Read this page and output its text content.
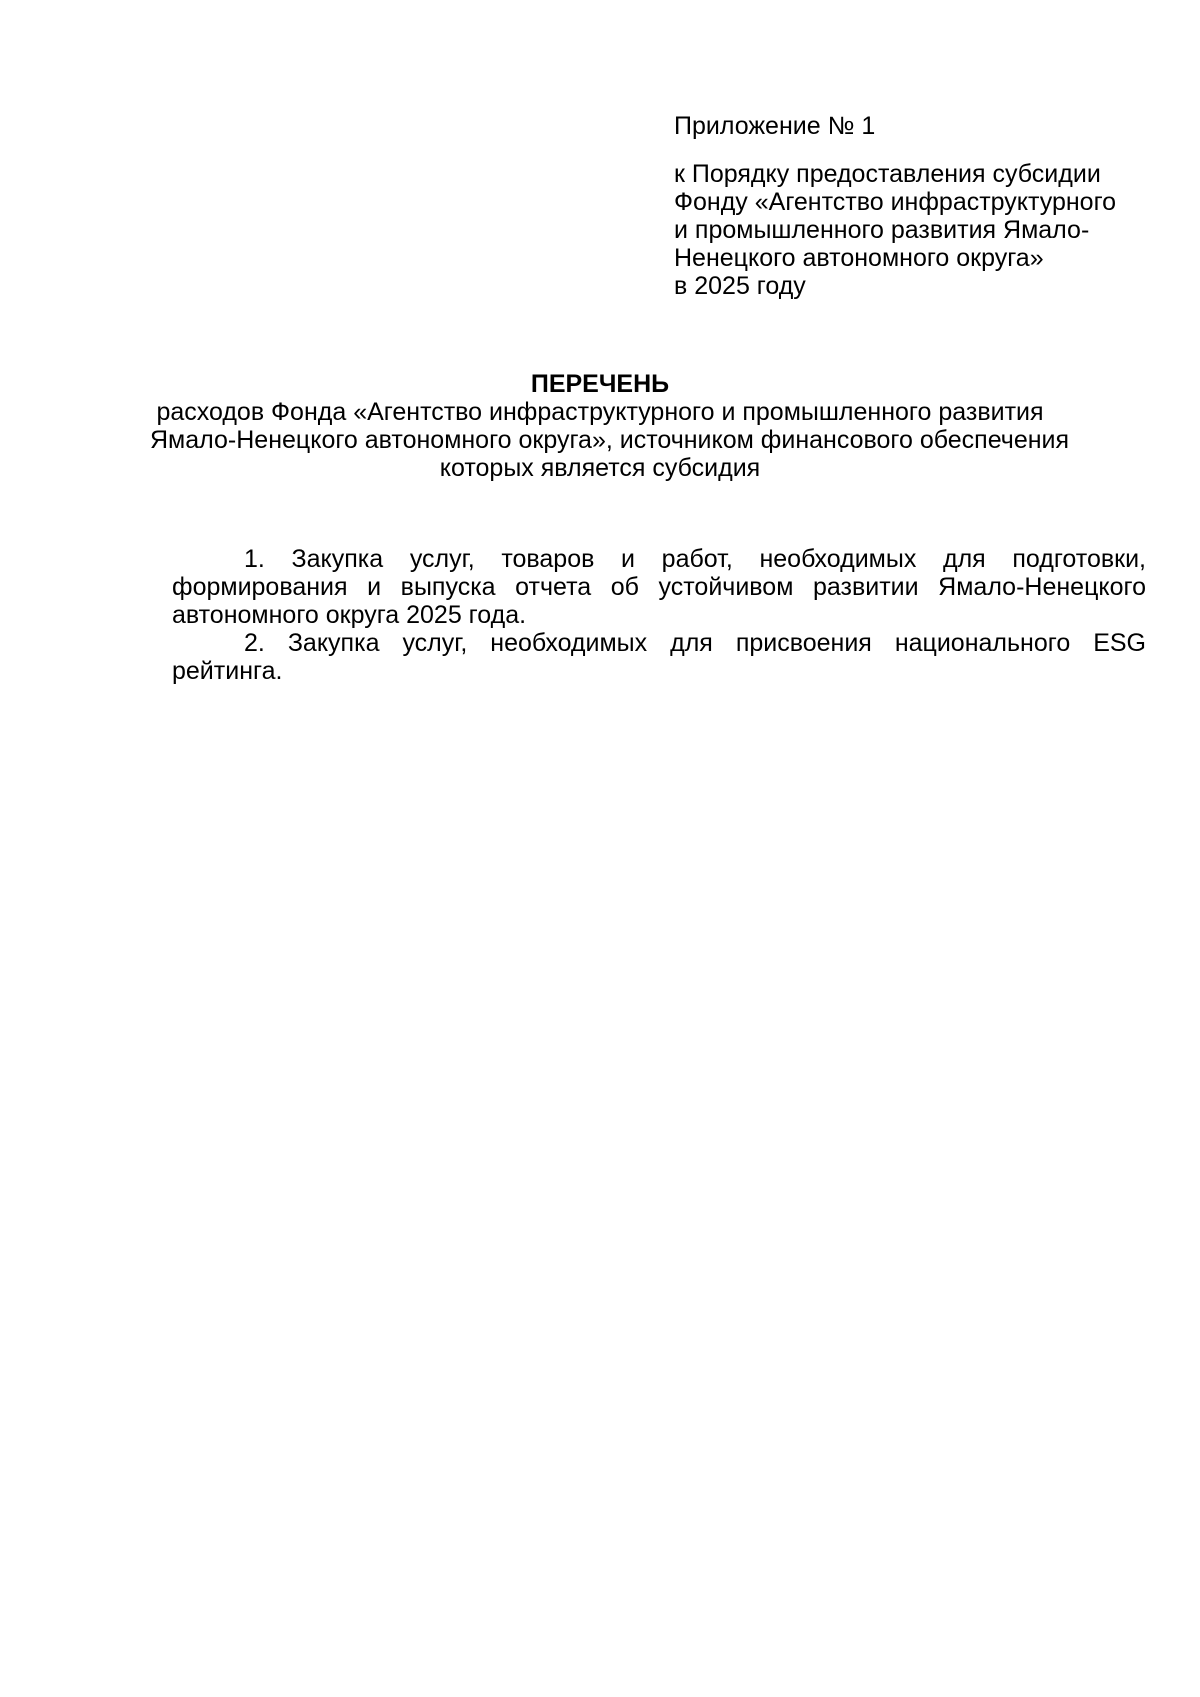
Приложение № 1

к Порядку предоставления субсидии
Фонду «Агентство инфраструктурного
и промышленного развития Ямало-
Ненецкого автономного округа»
в 2025 году

ПЕРЕЧЕНЬ

расходов Фонда «Агентство инфраструктурного и промышленного развития
Ямало-Ненецкого автономного округа», источником финансового обеспечения
которых является субсидия

1. Закупка услуг, товаров и работ, необходимых для подготовки,
формирования и выпуска отчета об устойчивом развитии Ямало-Ненецкого
автономного округа 2025 года.

2. Закупка услуг, необходимых для присвоения национального ESG
рейтинга.
